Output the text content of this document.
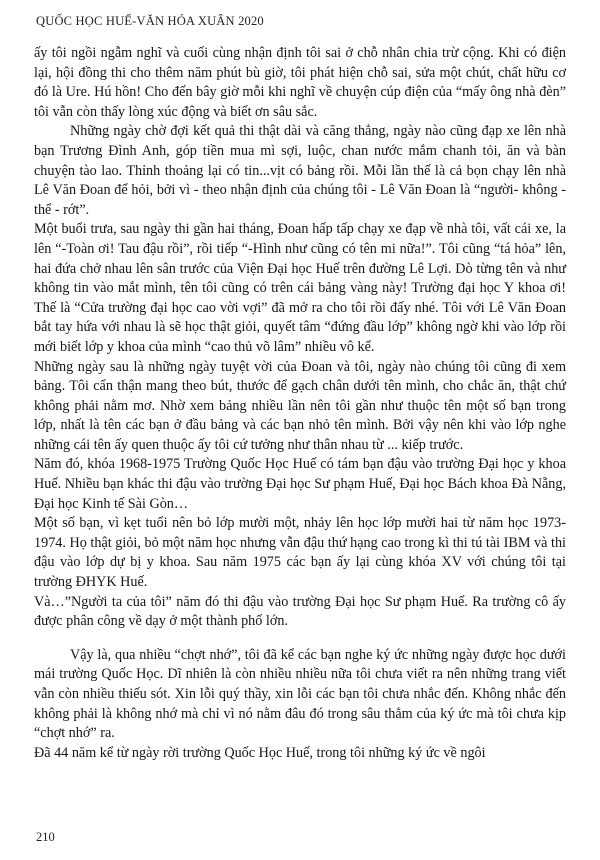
QUỐC HỌC HUẾ-VĂN HÓA XUÂN 2020

ấy tôi ngồi ngẫm nghĩ và cuối cùng nhận định tôi sai ở chỗ nhân chia trừ cộng. Khi có điện lại, hội đồng thi cho thêm năm phút bù giờ, tôi phát hiện chỗ sai, sửa một chút, chất hữu cơ đó là Ure. Hú hồn! Cho đến bây giờ mỗi khi nghĩ về chuyện cúp điện của “mấy ông nhà đèn” tôi vẫn còn thấy lòng xúc động và biết ơn sâu sắc.

Những ngày chờ đợi kết quả thi thật dài và căng thẳng, ngày nào cũng đạp xe lên nhà bạn Trương Đình Anh, góp tiền mua mì sợi, luộc, chan nước mắm chanh tỏi, ăn và bàn chuyện tào lao. Thỉnh thoảng lại có tin...vịt có bảng rồi. Mỗi lần thế là cả bọn chạy lên nhà Lê Văn Đoan để hỏi, bởi vì - theo nhận định của chúng tôi - Lê Văn Đoan là “người- không - thể - rớt”.

Một buổi trưa, sau ngày thi gần hai tháng, Đoan hấp tấp chạy xe đạp về nhà tôi, vất cái xe, la lên “-Toàn ơi! Tau đậu rồi”, rồi tiếp “-Hình như cũng có tên mi nữa!”. Tôi cũng “tá hỏa” lên, hai đứa chở nhau lên sân trước của Viện Đại học Huế trên đường Lê Lợi. Dò từng tên và như không tin vào mắt mình, tên tôi cũng có trên cái bảng vàng này! Trường đại học Y khoa ơi! Thế là “Cửa trường đại học cao vời vợi” đã mở ra cho tôi rồi đấy nhé. Tôi với Lê Văn Đoan bắt tay hứa với nhau là sẽ học thật giỏi, quyết tâm “đứng đầu lớp” không ngờ khi vào lớp rồi mới biết lớp y khoa của mình “cao thủ võ lâm” nhiều vô kể.

Những ngày sau là những ngày tuyệt vời của Đoan và tôi, ngày nào chúng tôi cũng đi xem bảng. Tôi cẩn thận mang theo bút, thước để gạch chân dưới tên mình, cho chắc ăn, thật chứ không phải nằm mơ. Nhờ xem bảng nhiều lần nên tôi gần như thuộc tên một số bạn trong lớp, nhất là tên các bạn ở đầu bảng và các bạn nhỏ tên mình. Bởi vậy nên khi vào lớp nghe những cái tên ấy quen thuộc ấy tôi cứ tưởng như thân nhau từ ... kiếp trước.

Năm đó, khóa 1968-1975 Trường Quốc Học Huế có tám bạn đậu vào trường Đại học y khoa Huế. Nhiều bạn khác thi đậu vào trường Đại học Sư phạm Huế, Đại học Bách khoa Đà Nẵng, Đại học Kinh tế Sài Gòn…

Một số bạn, vì kẹt tuổi nên bỏ lớp mười một, nhảy lên học lớp mười hai từ năm học 1973-1974. Họ thật giỏi, bỏ một năm học nhưng vẫn đậu thứ hạng cao trong kì thi tú tài IBM và thi đậu vào lớp dự bị y khoa. Sau năm 1975 các bạn ấy lại cùng khóa XV với chúng tôi tại trường ĐHYK Huế.

Và…”Người ta của tôi” năm đó thi đậu vào trường Đại học Sư phạm Huế. Ra trường cô ấy được phân công về dạy ở một thành phố lớn.

Vậy là, qua nhiều “chợt nhớ”, tôi đã kể các bạn nghe ký ức những ngày được học dưới mái trường Quốc Học. Dĩ nhiên là còn nhiều nhiều nữa tôi chưa viết ra nên những trang viết vẫn còn nhiều thiếu sót. Xin lỗi quý thầy, xin lỗi các bạn tôi chưa nhắc đến. Không nhắc đến không phải là không nhớ mà chỉ vì nó nằm đâu đó trong sâu thẳm của ký ức mà tôi chưa kịp “chợt nhớ” ra.

Đã 44 năm kể từ ngày rời trường Quốc Học Huế, trong tôi những ký ức về ngôi

210
